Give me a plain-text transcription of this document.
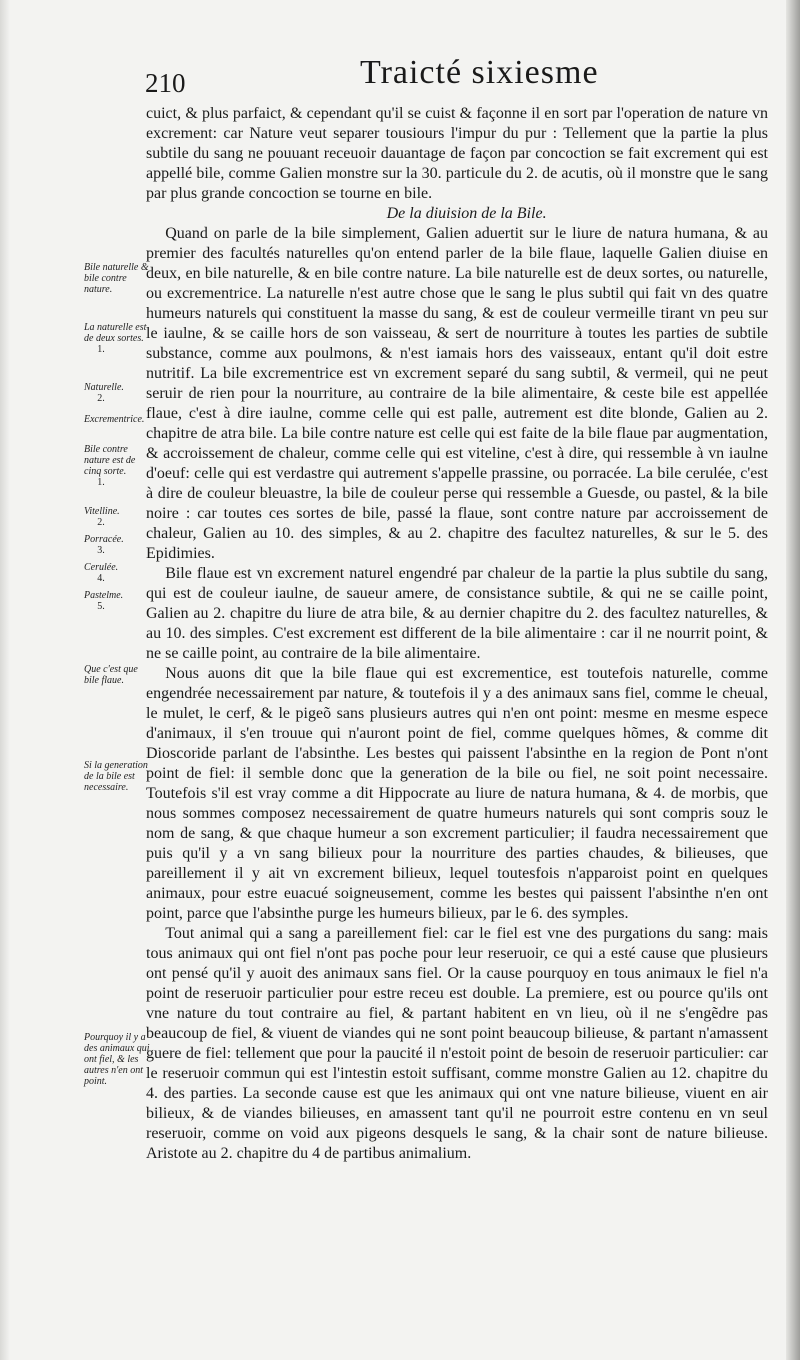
210	Traicté sixiesme

cuict, & plus parfaict, & cependant qu'il se cuist & façonne il en sort par l'operation de nature vn excrement: car Nature veut separer tousiours l'impur du pur : Tellement que la partie la plus subtile du sang ne pouuant receuoir dauantage de façon par concoction se fait excrement qui est appellé bile, comme Galien monstre sur la 30. particule du 2. de acutis, où il monstre que le sang par plus grande concoction se tourne en bile.

De la diuision de la Bile.

Quand on parle de la bile simplement, Galien aduertit sur le liure de natura humana, & au premier des facultés naturelles qu'on entend parler de la bile flaue, laquelle Galien diuise en deux, en bile naturelle, & en bile contre nature. La bile naturelle est de deux sortes, ou naturelle, ou excrementrice. La naturelle n'est autre chose que le sang le plus subtil qui fait vn des quatre humeurs naturels qui constituent la masse du sang, & est de couleur vermeille tirant vn peu sur le iaulne, & se caille hors de son vaisseau, & sert de nourriture à toutes les parties de subtile substance, comme aux poulmons, & n'est iamais hors des vaisseaux, entant qu'il doit estre nutritif. La bile excrementrice est vn excrement separé du sang subtil, & vermeil, qui ne peut seruir de rien pour la nourriture, au contraire de la bile alimentaire, & ceste bile est appellée flaue, c'est à dire iaulne, comme celle qui est palle, autrement est dite blonde, Galien au 2. chapitre de atra bile. La bile contre nature est celle qui est faite de la bile flaue par augmentation, & accroissement de chaleur, comme celle qui est viteline, c'est à dire, qui ressemble à vn iaulne d'oeuf: celle qui est verdastre qui autrement s'appelle prassine, ou porracée. La bile cerulée, c'est à dire de couleur bleuastre, la bile de couleur perse qui ressemble a Guesde, ou pastel, & la bile noire : car toutes ces sortes de bile, passé la flaue, sont contre nature par accroissement de chaleur, Galien au 10. des simples, & au 2. chapitre des facultez naturelles, & sur le 5. des Epidimies.

Bile flaue est vn excrement naturel engendré par chaleur de la partie la plus subtile du sang, qui est de couleur iaulne, de saueur amere, de consistance subtile, & qui ne se caille point, Galien au 2. chapitre du liure de atra bile, & au dernier chapitre du 2. des facultez naturelles, & au 10. des simples. C'est excrement est different de la bile alimentaire : car il ne nourrit point, & ne se caille point, au contraire de la bile alimentaire.

Nous auons dit que la bile flaue qui est excrementice, est toutefois naturelle, comme engendrée necessairement par nature, & toutefois il y a des animaux sans fiel, comme le cheual, le mulet, le cerf, & le pigeõ sans plusieurs autres qui n'en ont point: mesme en mesme espece d'animaux, il s'en trouue qui n'auront point de fiel, comme quelques hõmes, & comme dit Dioscoride parlant de l'absinthe. Les bestes qui paissent l'absinthe en la region de Pont n'ont point de fiel: il semble donc que la generation de la bile ou fiel, ne soit point necessaire. Toutefois s'il est vray comme a dit Hippocrate au liure de natura humana, & 4. de morbis, que nous sommes composez necessairement de quatre humeurs naturels qui sont compris souz le nom de sang, & que chaque humeur a son excrement particulier; il faudra necessairement que puis qu'il y a vn sang bilieux pour la nourriture des parties chaudes, & bilieuses, que pareillement il y ait vn excrement bilieux, lequel toutesfois n'apparoist point en quelques animaux, pour estre euacué soigneusement, comme les bestes qui paissent l'absinthe n'en ont point, parce que l'absinthe purge les humeurs bilieux, par le 6. des symples.

Tout animal qui a sang a pareillement fiel: car le fiel est vne des purgations du sang: mais tous animaux qui ont fiel n'ont pas poche pour leur reseruoir, ce qui a esté cause que plusieurs ont pensé qu'il y auoit des animaux sans fiel. Or la cause pourquoy en tous animaux le fiel n'a point de reseruoir particulier pour estre receu est double. La premiere, est ou pource qu'ils ont vne nature du tout contraire au fiel, & partant habitent en vn lieu, où il ne s'engẽdre pas beaucoup de fiel, & viuent de viandes qui ne sont point beaucoup bilieuse, & partant n'amassent guere de fiel: tellement que pour la paucité il n'estoit point de besoin de reseruoir particulier: car le reseruoir commun qui est l'intestin estoit suffisant, comme monstre Galien au 12. chapitre du 4. des parties. La seconde cause est que les animaux qui ont vne nature bilieuse, viuent en air bilieux, & de viandes bilieuses, en amassent tant qu'il ne pourroit estre contenu en vn seul reseruoir, comme on void aux pigeons desquels le sang, & la chair sont de nature bilieuse. Aristote au 2. chapitre du 4 de partibus animalium.

Bile naturelle & bile contre nature.
La naturelle est de deux sortes.
1.
Naturelle.
2.
Excrementrice.
Bile contre nature est de cinq sorte.
1.
Vitelline.
2.
Porracée.
3.
Cerulée.
4.
Pastelme.
5.
Que c'est que bile flaue.
Si la generation de la bile est necessaire.
Pourquoy il y a des animaux qui ont fiel, & les autres n'en ont point.
